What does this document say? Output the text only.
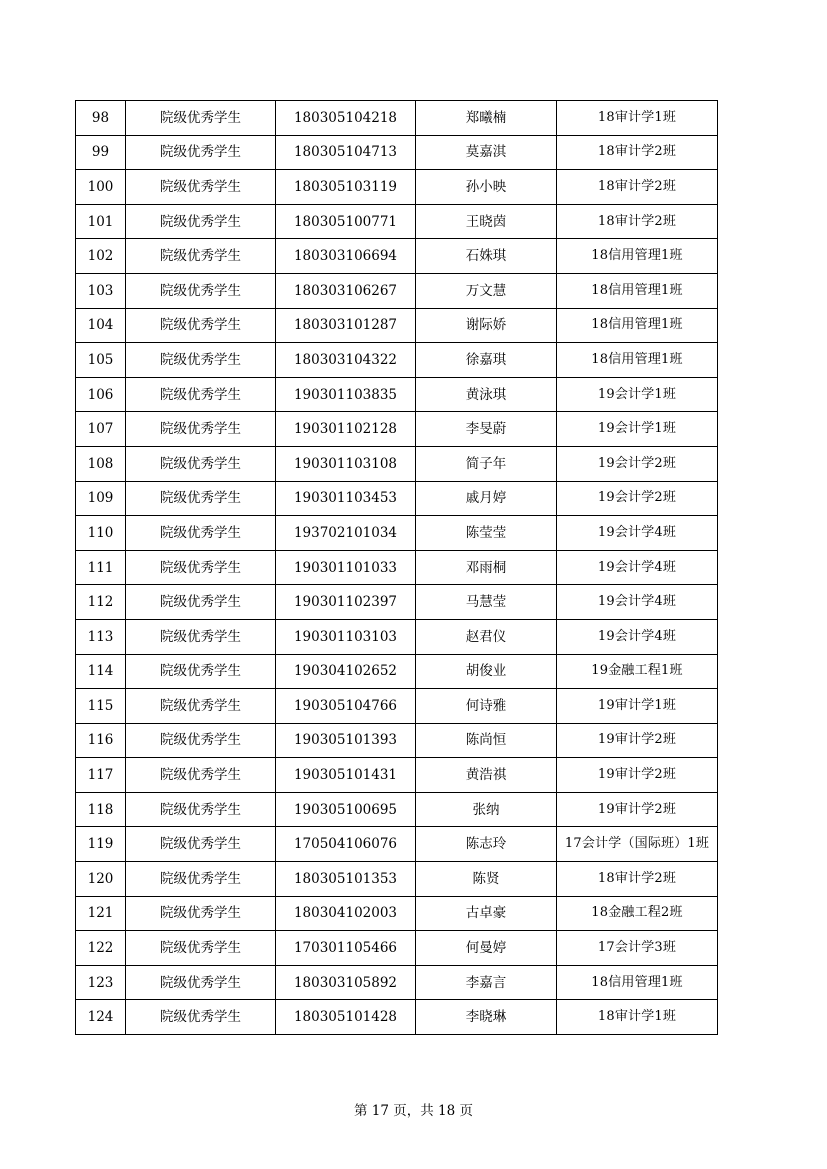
98	院级优秀学生	180305104218	郑曦楠	18审计学1班
99	院级优秀学生	180305104713	莫嘉淇	18审计学2班
100	院级优秀学生	180305103119	孙小映	18审计学2班
101	院级优秀学生	180305100771	王晓茵	18审计学2班
102	院级优秀学生	180303106694	石姝琪	18信用管理1班
103	院级优秀学生	180303106267	万文慧	18信用管理1班
104	院级优秀学生	180303101287	谢际娇	18信用管理1班
105	院级优秀学生	180303104322	徐嘉琪	18信用管理1班
106	院级优秀学生	190301103835	黄泳琪	19会计学1班
107	院级优秀学生	190301102128	李旻蔚	19会计学1班
108	院级优秀学生	190301103108	简子年	19会计学2班
109	院级优秀学生	190301103453	戚月婷	19会计学2班
110	院级优秀学生	193702101034	陈莹莹	19会计学4班
111	院级优秀学生	190301101033	邓雨桐	19会计学4班
112	院级优秀学生	190301102397	马慧莹	19会计学4班
113	院级优秀学生	190301103103	赵君仪	19会计学4班
114	院级优秀学生	190304102652	胡俊业	19金融工程1班
115	院级优秀学生	190305104766	何诗雅	19审计学1班
116	院级优秀学生	190305101393	陈尚恒	19审计学2班
117	院级优秀学生	190305101431	黄浩祺	19审计学2班
118	院级优秀学生	190305100695	张纳	19审计学2班
119	院级优秀学生	170504106076	陈志玲	17会计学（国际班）1班
120	院级优秀学生	180305101353	陈贤	18审计学2班
121	院级优秀学生	180304102003	古卓豪	18金融工程2班
122	院级优秀学生	170301105466	何曼婷	17会计学3班
123	院级优秀学生	180303105892	李嘉言	18信用管理1班
124	院级优秀学生	180305101428	李晓琳	18审计学1班
第 17 页，共 18 页
